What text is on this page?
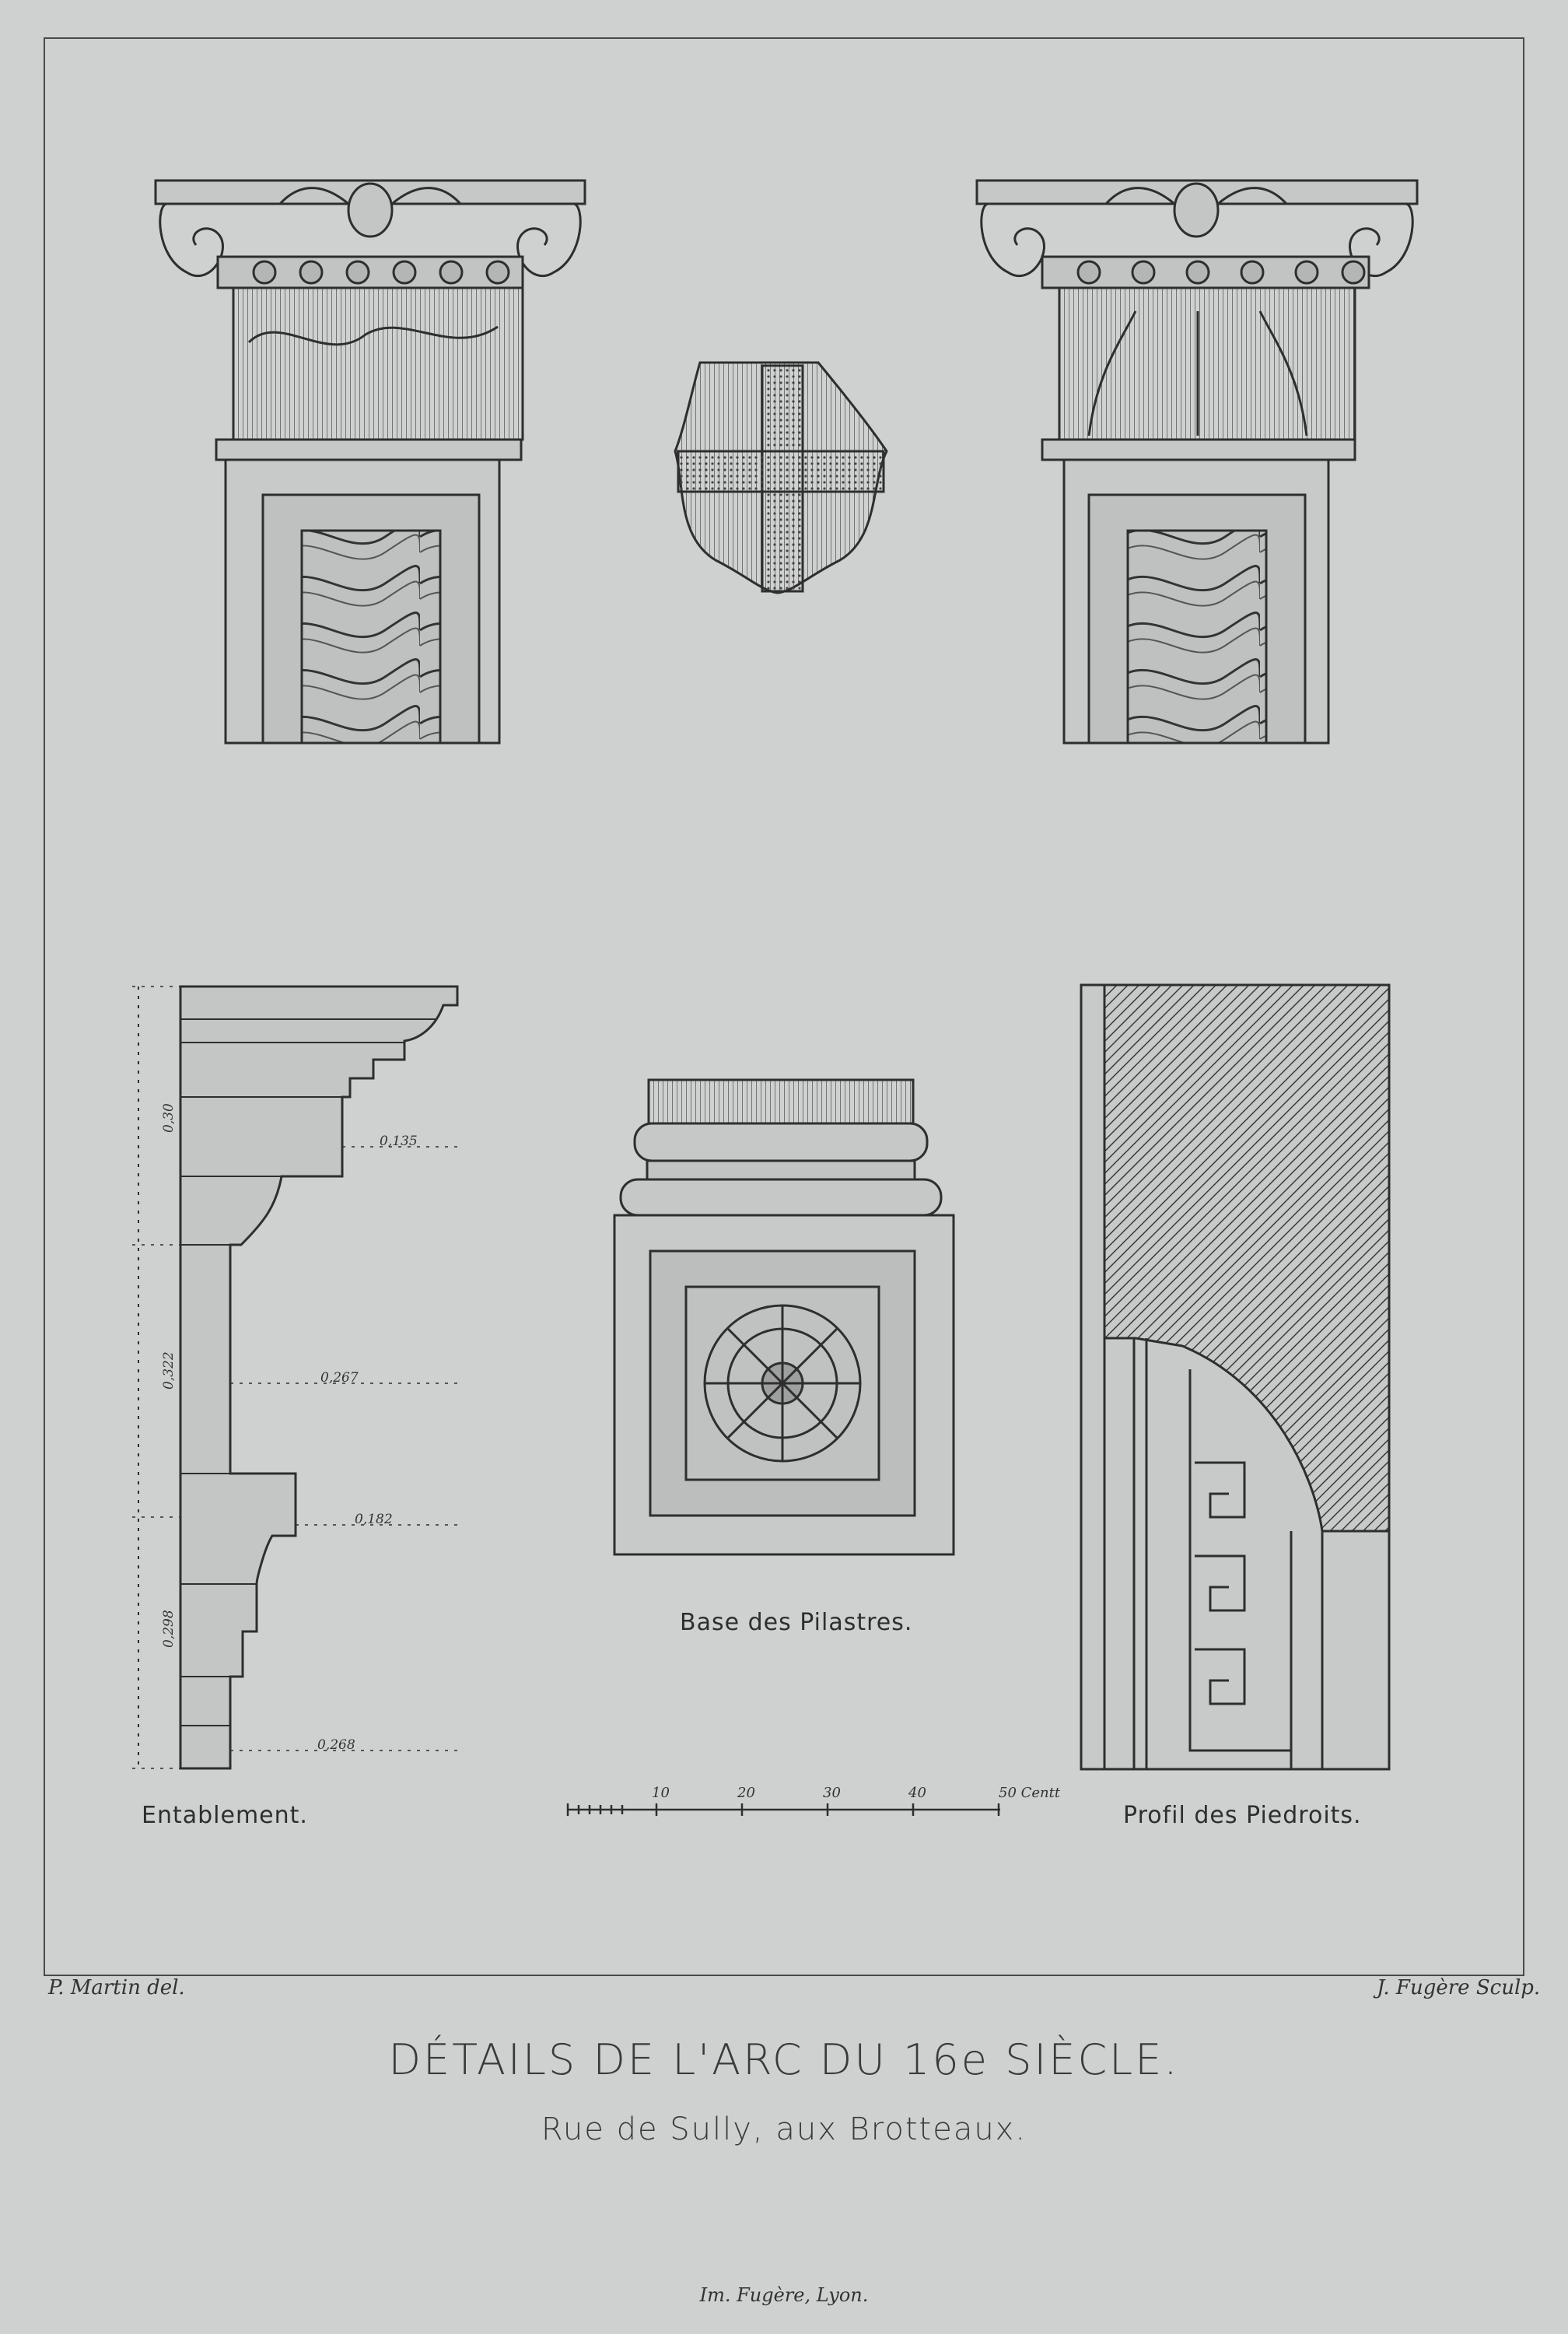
0,30
0,135
0,322	0,267
0,182
0,298
0,268
10	20	30	40	50 Centt
Entablement.
Base des Pilastres.
Profil des Piedroits.
P. Martin del.	J. Fugère Sculp.
DÉTAILS DE L'ARC DU 16e SIÈCLE.
Rue de Sully, aux Brotteaux.
Im. Fugère, Lyon.
